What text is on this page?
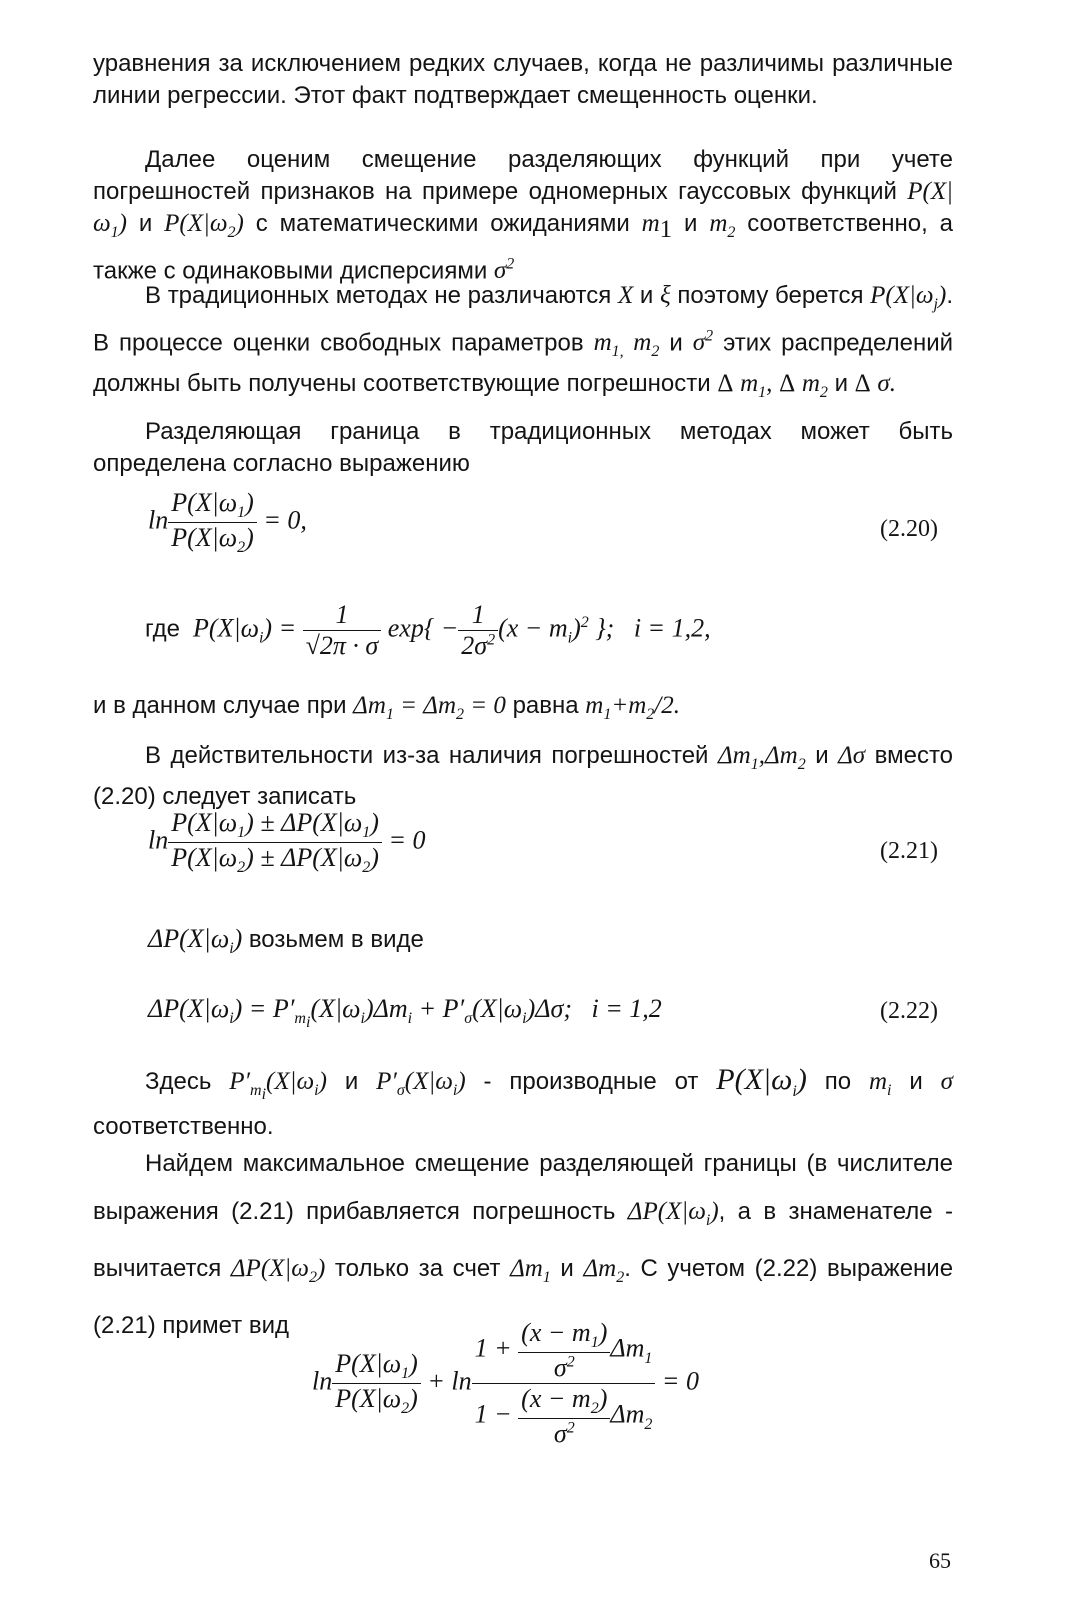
уравнения за исключением редких случаев, когда не различимы различные линии регрессии. Этот факт подтверждает смещенность оценки.

Далее оценим смещение разделяющих функций при учете погрешностей признаков на примере одномерных гауссовых функций $P(X|\omega_1)$ и $P(X|\omega_2)$ с математическими ожиданиями $m_1$ и $m_2$ соответственно, а также с одинаковыми дисперсиями $\sigma^2$

В традиционных методах не различаются X и ξ поэтому берется $P(X|\omega_j)$. В процессе оценки свободных параметров $m_{1,}$ $m_2$ и $\sigma^2$ этих распределений должны быть получены соответствующие погрешности Δ $m_1$, Δ $m_2$ и Δ σ.

Разделяющая граница в традиционных методах может быть определена согласно выражению

$\ln \frac{P(X|\omega_1)}{P(X|\omega_2)} = 0$,	(2.20)
где  $P(X|\omega_i) = \frac{1}{√2\pi \cdot \sigma} \exp\{ - \frac{1}{2\sigma^2} (x - m_i)^2$ };   i = 1,2,

и в данном случае при $\Delta m_1 = \Delta m_2 = 0$ равна $m_1+m_2/2$.

В действительности из-за наличия погрешностей $\Delta m_1,\Delta m_2$ и Δσ вместо (2.20) следует записать

$\ln \frac{P(X|\omega_1) \pm \Delta P(X|\omega_1)}{P(X|\omega_2) \pm \Delta P(X|\omega_2)} = 0$	(2.21)
$\Delta P(X|\omega_i)$ возьмем в виде
$\Delta P(X|\omega_i) = P'_{m_i}(X|\omega_i)\Delta m_i + P'_\sigma(X|\omega_i)\Delta\sigma$;   i = 1,2	(2.22)

Здесь $P'_{m_i}(X|\omega_i)$ и $P'_\sigma(X|\omega_i)$ - производные от $P(X|\omega_i)$ по $m_i$ и σ соответственно.

Найдем максимальное смещение разделяющей границы (в числителе выражения (2.21) прибавляется погрешность $\Delta P(X|\omega_i)$, а в знаменателе - вычитается $\Delta P(X|\omega_2)$ только за счет $\Delta m_1$ и $\Delta m_2$. С учетом (2.22) выражение (2.21) примет вид

$\ln \frac{P(X|\omega_1)}{P(X|\omega_2)} + \ln \frac{1 + \frac{(x - m_1)}{\sigma^2} \Delta m_1}{1 - \frac{(x - m_2)}{\sigma^2} \Delta m_2} = 0$
65
